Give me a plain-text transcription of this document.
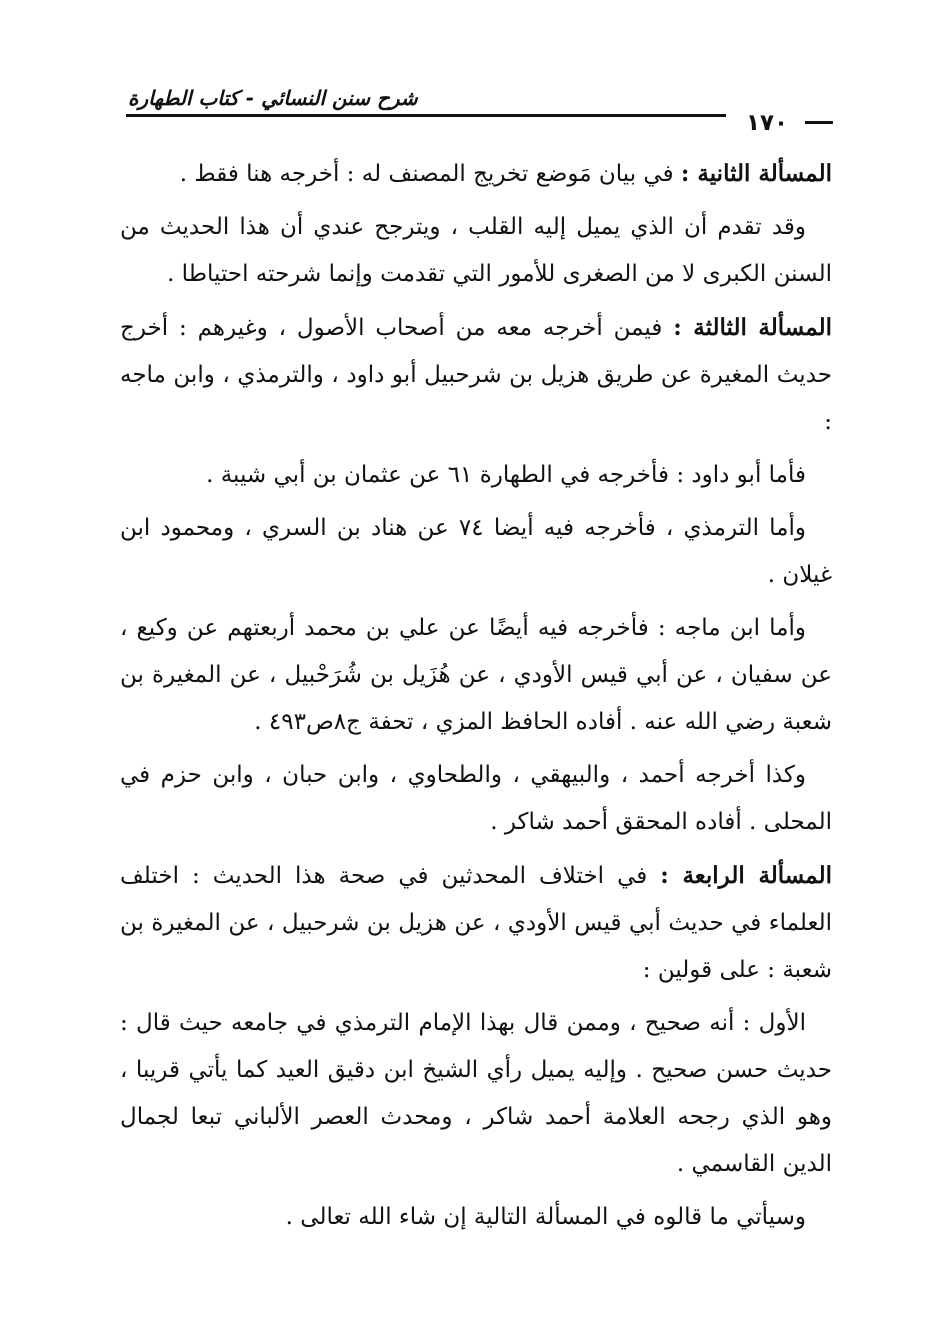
شرح سنن النسائي - كتاب الطهارة
١٧٠

المسألة الثانية : في بيان مَوضع تخريج المصنف له : أخرجه هنا فقط .

وقد تقدم أن الذي يميل إليه القلب ، ويترجح عندي أن هذا الحديث من السنن الكبرى لا من الصغرى للأمور التي تقدمت وإنما شرحته احتياطا .

المسألة الثالثة : فيمن أخرجه معه من أصحاب الأصول ، وغيرهم : أخرج حديث المغيرة عن طريق هزيل بن شرحبيل أبو داود ، والترمذي ، وابن ماجه :

فأما أبو داود : فأخرجه في الطهارة ٦١ عن عثمان بن أبي شيبة .

وأما الترمذي ، فأخرجه فيه أيضا ٧٤ عن هناد بن السري ، ومحمود ابن غيلان .

وأما ابن ماجه : فأخرجه فيه أيضًا عن علي بن محمد أربعتهم عن وكيع ، عن سفيان ، عن أبي قيس الأودي ، عن هُزَيل بن شُرَحْبيل ، عن المغيرة بن شعبة رضي الله عنه . أفاده الحافظ المزي ، تحفة ج٨ص٤٩٣ .

وكذا أخرجه أحمد ، والبيهقي ، والطحاوي ، وابن حبان ، وابن حزم في المحلى . أفاده المحقق أحمد شاكر .

المسألة الرابعة : في اختلاف المحدثين في صحة هذا الحديث : اختلف العلماء في حديث أبي قيس الأودي ، عن هزيل بن شرحبيل ، عن المغيرة بن شعبة : على قولين :

الأول : أنه صحيح ، وممن قال بهذا الإمام الترمذي في جامعه حيث قال : حديث حسن صحيح . وإليه يميل رأي الشيخ ابن دقيق العيد كما يأتي قريبا ، وهو الذي رجحه العلامة أحمد شاكر ، ومحدث العصر الألباني تبعا لجمال الدين القاسمي .

وسيأتي ما قالوه في المسألة التالية إن شاء الله تعالى .
